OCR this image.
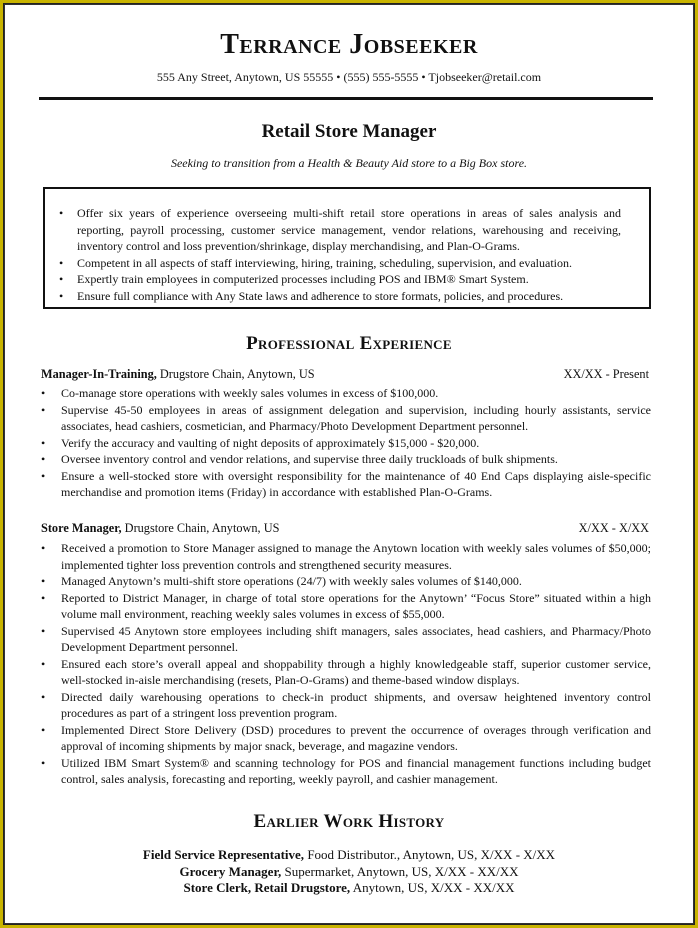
Terrance Jobseeker
555 Any Street, Anytown, US 55555 • (555) 555-5555 • Tjobseeker@retail.com
Retail Store Manager
Seeking to transition from a Health & Beauty Aid store to a Big Box store.
• Offer six years of experience overseeing multi-shift retail store operations in areas of sales analysis and reporting, payroll processing, customer service management, vendor relations, warehousing and receiving, inventory control and loss prevention/shrinkage, display merchandising, and Plan-O-Grams.
• Competent in all aspects of staff interviewing, hiring, training, scheduling, supervision, and evaluation.
• Expertly train employees in computerized processes including POS and IBM® Smart System.
• Ensure full compliance with Any State laws and adherence to store formats, policies, and procedures.
Professional Experience
Manager-In-Training, Drugstore Chain, Anytown, US	XX/XX - Present
• Co-manage store operations with weekly sales volumes in excess of $100,000.
• Supervise 45-50 employees in areas of assignment delegation and supervision, including hourly assistants, service associates, head cashiers, cosmetician, and Pharmacy/Photo Development Department personnel.
• Verify the accuracy and vaulting of night deposits of approximately $15,000 - $20,000.
• Oversee inventory control and vendor relations, and supervise three daily truckloads of bulk shipments.
• Ensure a well-stocked store with oversight responsibility for the maintenance of 40 End Caps displaying aisle-specific merchandise and promotion items (Friday) in accordance with established Plan-O-Grams.
Store Manager, Drugstore Chain, Anytown, US	X/XX - X/XX
• Received a promotion to Store Manager assigned to manage the Anytown location with weekly sales volumes of $50,000; implemented tighter loss prevention controls and strengthened security measures.
• Managed Anytown’s multi-shift store operations (24/7) with weekly sales volumes of $140,000.
• Reported to District Manager, in charge of total store operations for the Anytown’ “Focus Store” situated within a high volume mall environment, reaching weekly sales volumes in excess of $55,000.
• Supervised 45 Anytown store employees including shift managers, sales associates, head cashiers, and Pharmacy/Photo Development Department personnel.
• Ensured each store’s overall appeal and shoppability through a highly knowledgeable staff, superior customer service, well-stocked in-aisle merchandising (resets, Plan-O-Grams) and theme-based window displays.
• Directed daily warehousing operations to check-in product shipments, and oversaw heightened inventory control procedures as part of a stringent loss prevention program.
• Implemented Direct Store Delivery (DSD) procedures to prevent the occurrence of overages through verification and approval of incoming shipments by major snack, beverage, and magazine vendors.
• Utilized IBM Smart System® and scanning technology for POS and financial management functions including budget control, sales analysis, forecasting and reporting, weekly payroll, and cashier management.
Earlier Work History
Field Service Representative, Food Distributor., Anytown, US, X/XX - X/XX
Grocery Manager, Supermarket, Anytown, US, X/XX - XX/XX
Store Clerk, Retail Drugstore, Anytown, US, X/XX - XX/XX
